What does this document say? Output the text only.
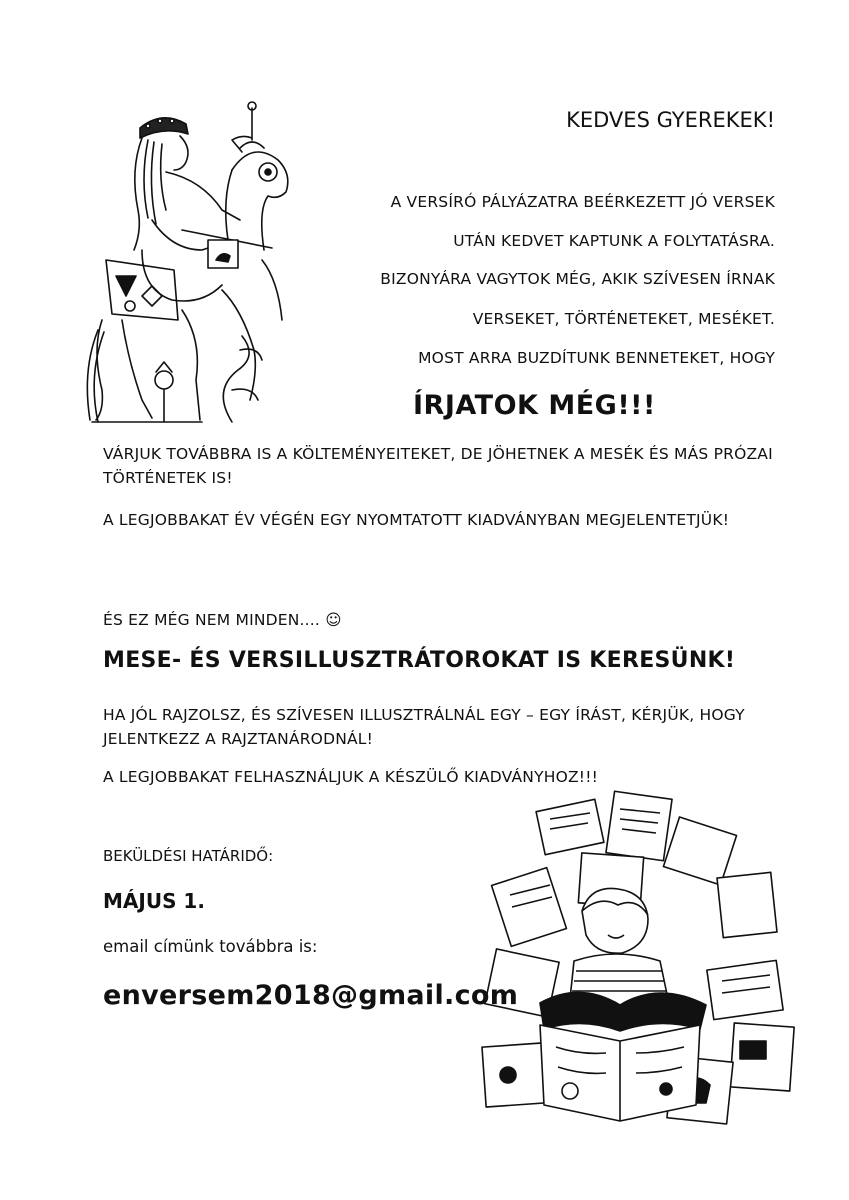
KEDVES GYEREKEK!
A VERSÍRÓ PÁLYÁZATRA BEÉRKEZETT JÓ VERSEK
UTÁN KEDVET KAPTUNK A FOLYTATÁSRA.
BIZONYÁRA VAGYTOK MÉG, AKIK SZÍVESEN ÍRNAK
VERSEKET, TÖRTÉNETEKET, MESÉKET.
MOST ARRA BUZDÍTUNK BENNETEKET, HOGY
ÍRJATOK MÉG!!!
VÁRJUK TOVÁBBRA IS A KÖLTEMÉNYEITEKET, DE JÖHETNEK A MESÉK ÉS MÁS PRÓZAI TÖRTÉNETEK IS!
A LEGJOBBAKAT ÉV VÉGÉN EGY NYOMTATOTT KIADVÁNYBAN MEGJELENTETJÜK!
ÉS EZ MÉG NEM MINDEN.... ☺
MESE- ÉS VERSILLUSZTRÁTOROKAT IS KERESÜNK!
HA JÓL RAJZOLSZ, ÉS SZÍVESEN ILLUSZTRÁLNÁL EGY – EGY ÍRÁST, KÉRJÜK, HOGY JELENTKEZZ A RAJZTANÁRODNÁL!
A LEGJOBBAKAT FELHASZNÁLJUK A KÉSZÜLŐ KIADVÁNYHOZ!!!
BEKÜLDÉSI HATÁRIDŐ:
MÁJUS 1.
email címünk továbbra is:
enversem2018@gmail.com
